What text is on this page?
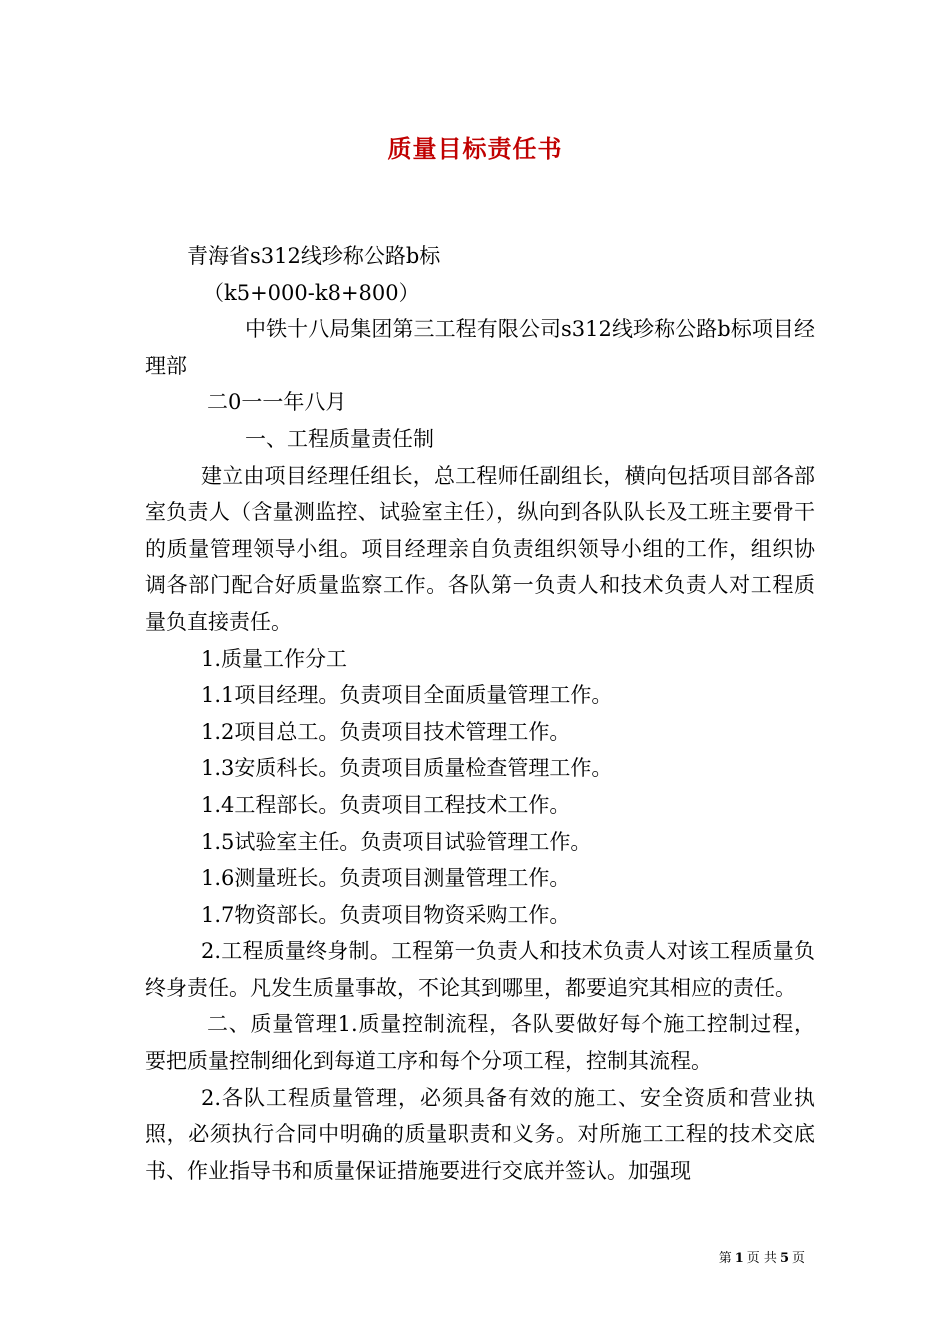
质量目标责任书

青海省s312线珍称公路b标

（k5+000-k8+800）

中铁十八局集团第三工程有限公司s312线珍称公路b标项目经理部

二0一一年八月

一、工程质量责任制

建立由项目经理任组长，总工程师任副组长，横向包括项目部各部室负责人（含量测监控、试验室主任），纵向到各队队长及工班主要骨干的质量管理领导小组。项目经理亲自负责组织领导小组的工作，组织协调各部门配合好质量监察工作。各队第一负责人和技术负责人对工程质量负直接责任。

1.质量工作分工

1.1项目经理。负责项目全面质量管理工作。

1.2项目总工。负责项目技术管理工作。

1.3安质科长。负责项目质量检查管理工作。

1.4工程部长。负责项目工程技术工作。

1.5试验室主任。负责项目试验管理工作。

1.6测量班长。负责项目测量管理工作。

1.7物资部长。负责项目物资采购工作。

2.工程质量终身制。工程第一负责人和技术负责人对该工程质量负终身责任。凡发生质量事故，不论其到哪里，都要追究其相应的责任。

二、质量管理1.质量控制流程，各队要做好每个施工控制过程，要把质量控制细化到每道工序和每个分项工程，控制其流程。

2.各队工程质量管理，必须具备有效的施工、安全资质和营业执照，必须执行合同中明确的质量职责和义务。对所施工工程的技术交底书、作业指导书和质量保证措施要进行交底并签认。加强现

第 1 页 共 5 页
